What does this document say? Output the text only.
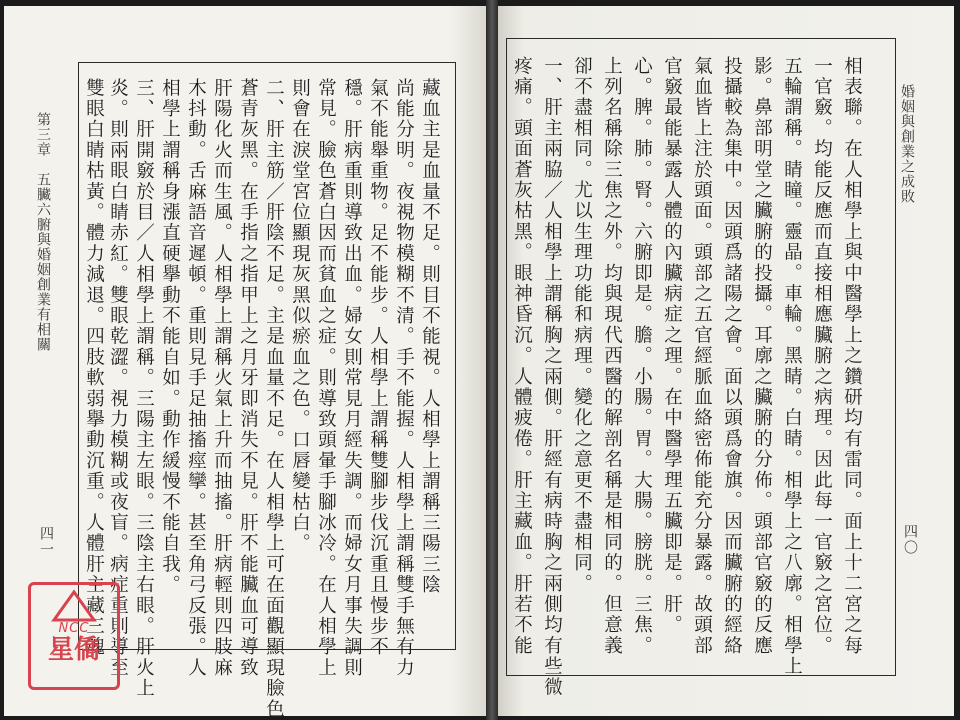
第三章　五臟六腑與婚姻創業有相關
四一
婚姻與創業之成敗
四〇
藏血主是血量不足。則目不能視。人相學上謂稱三陽三陰
尚能分明。夜視物模糊不清。手不能握。人相學上謂稱雙手無有力
氣不能舉重物。足不能步。人相學上謂稱雙腳步伐沉重且慢步不
穩。肝病重則導致出血。婦女則常見月經失調。而婦女月事失調則
常見。臉色蒼白因而貧血之症。則導致頭暈手腳冰冷。在人相學上
則會在淚堂宮位顯現灰黑似瘀血之色。口唇變枯白。
二、肝主筋／肝陰不足。主是血量不足。在人相學上可在面觀顯現臉色
蒼青灰黑。在手指之指甲上之月牙即消失不見。肝不能臟血可導致
肝陽化火而生風。人相學上謂稱火氣上升而抽搐。肝病輕則四肢麻
木抖動。舌麻語音遲頓。重則見手足抽搐痙攣。甚至角弓反張。人
相學上謂稱身漲直硬擧動不能自如。動作緩慢不能自我。
三、肝開竅於目／人相學上謂稱。三陽主左眼。三陰主右眼。肝火上
炎。則兩眼白睛赤紅。雙眼乾澀。視力模糊或夜盲。病症重則導至
雙眼白睛枯黃。體力減退。四肢軟弱擧動沉重。人體肝主藏三魂	相表聯。在人相學上與中醫學上之鑽研均有雷同。面上十二宮之每
一官竅。均能反應而直接相應臟腑之病理。因此每一官竅之宮位。
五輪謂稱。睛瞳。靈晶。車輪。黑睛。白睛。相學上之八廓。相學上
影。鼻部明堂之臟腑的投攝。耳廓之臟腑的分佈。頭部官竅的反應
投攝較為集中。因頭爲諸陽之會。面以頭爲會旗。因而臟腑的經絡
氣血皆上注於頭面。頭部之五官經脈血絡密佈能充分暴露。故頭部
官竅最能暴露人體的內臟病症之理。在中醫學理五臟即是。肝。
心。脾。肺。腎。六腑即是。膽。小腸。胃。大腸。膀胱。三焦。
上列名稱除三焦之外。均與現代西醫的解剖名稱是相同的。但意義
卻不盡相同。尤以生理功能和病理。變化之意更不盡相同。
一、肝主兩脇／人相學上謂稱胸之兩側。肝經有病時胸之兩側均有些微
疼痛。頭面蒼灰枯黑。眼神昏沉。人體疲倦。肝主藏血。肝若不能
NCC
星僑
